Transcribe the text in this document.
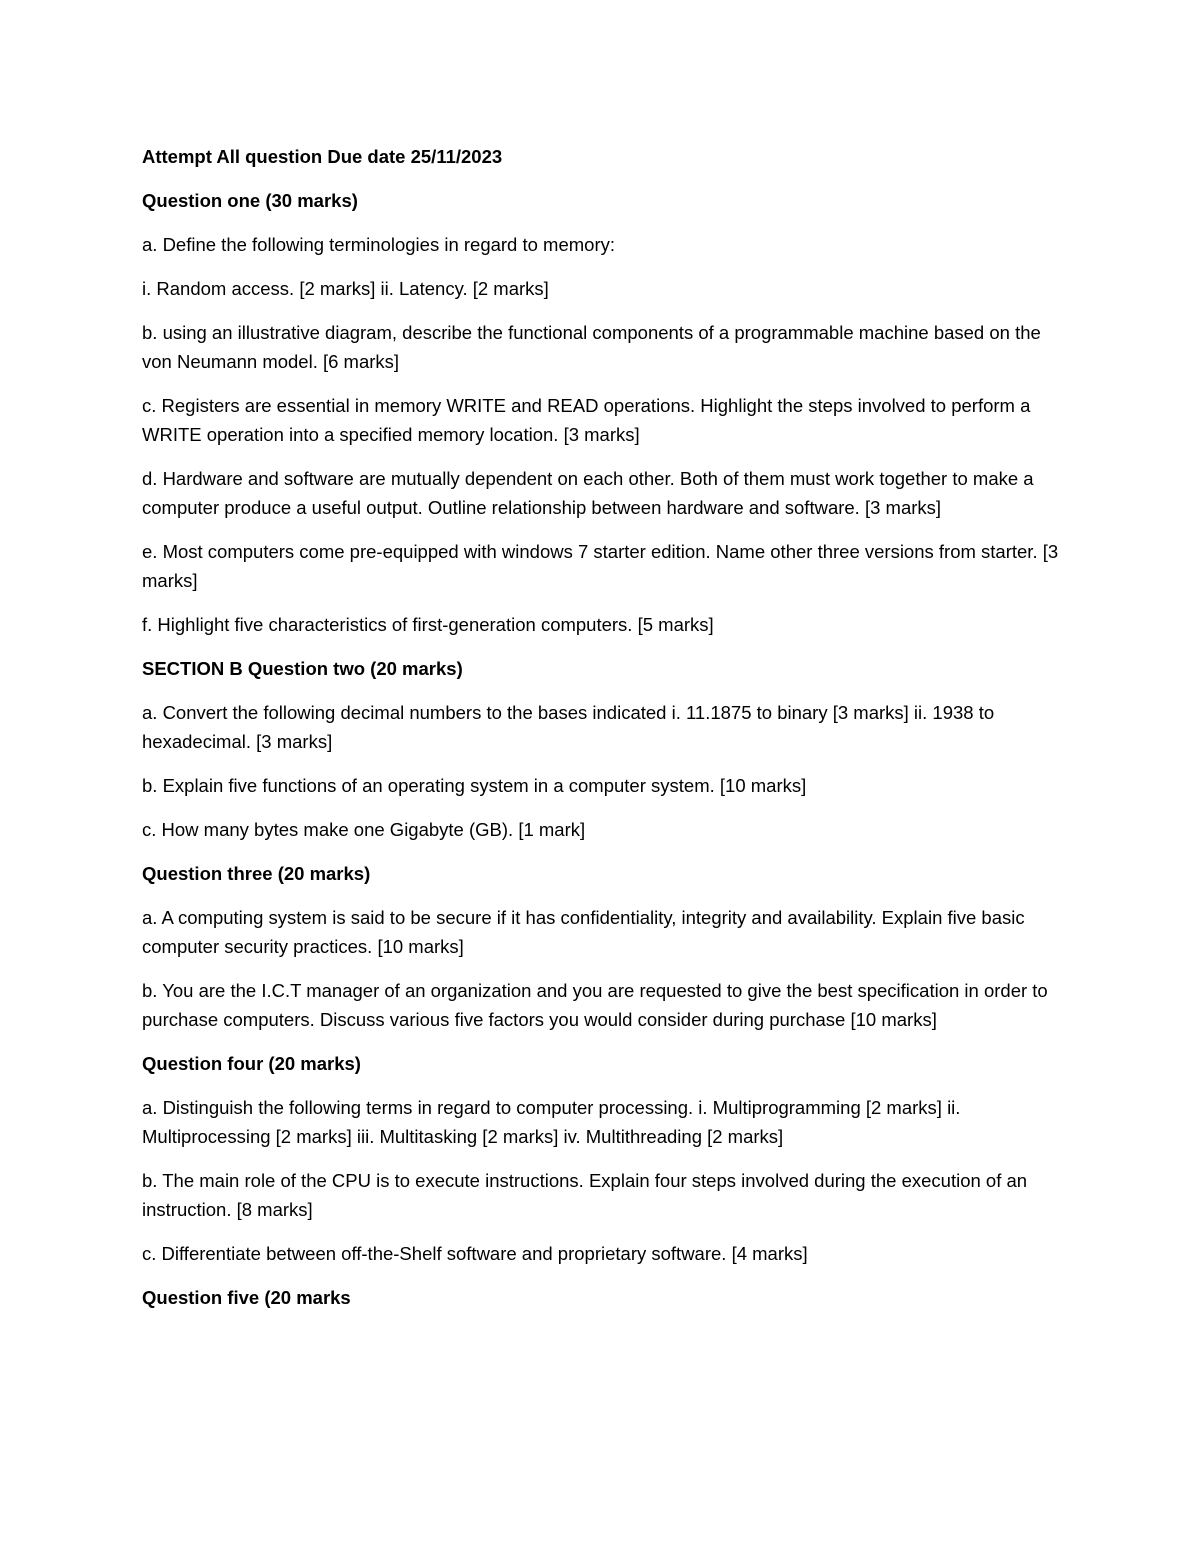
Attempt All question Due date 25/11/2023

Question one (30 marks)

a. Define the following terminologies in regard to memory:

i. Random access. [2 marks] ii. Latency. [2 marks]

b. using an illustrative diagram, describe the functional components of a programmable machine based on the von Neumann model. [6 marks]

c. Registers are essential in memory WRITE and READ operations. Highlight the steps involved to perform a WRITE operation into a specified memory location. [3 marks]

d. Hardware and software are mutually dependent on each other. Both of them must work together to make a computer produce a useful output. Outline relationship between hardware and software. [3 marks]

e. Most computers come pre-equipped with windows 7 starter edition. Name other three versions from starter. [3 marks]

f. Highlight five characteristics of first-generation computers. [5 marks]

SECTION B Question two (20 marks)

a. Convert the following decimal numbers to the bases indicated i. 11.1875 to binary [3 marks] ii. 1938 to hexadecimal. [3 marks]

b. Explain five functions of an operating system in a computer system. [10 marks]

c. How many bytes make one Gigabyte (GB). [1 mark]

Question three (20 marks)

a. A computing system is said to be secure if it has confidentiality, integrity and availability. Explain five basic computer security practices. [10 marks]

b. You are the I.C.T manager of an organization and you are requested to give the best specification in order to purchase computers. Discuss various five factors you would consider during purchase [10 marks]

Question four (20 marks)

a. Distinguish the following terms in regard to computer processing. i. Multiprogramming [2 marks] ii. Multiprocessing [2 marks] iii. Multitasking [2 marks] iv. Multithreading [2 marks]

b. The main role of the CPU is to execute instructions. Explain four steps involved during the execution of an instruction. [8 marks]

c. Differentiate between off-the-Shelf software and proprietary software. [4 marks]

Question five (20 marks
